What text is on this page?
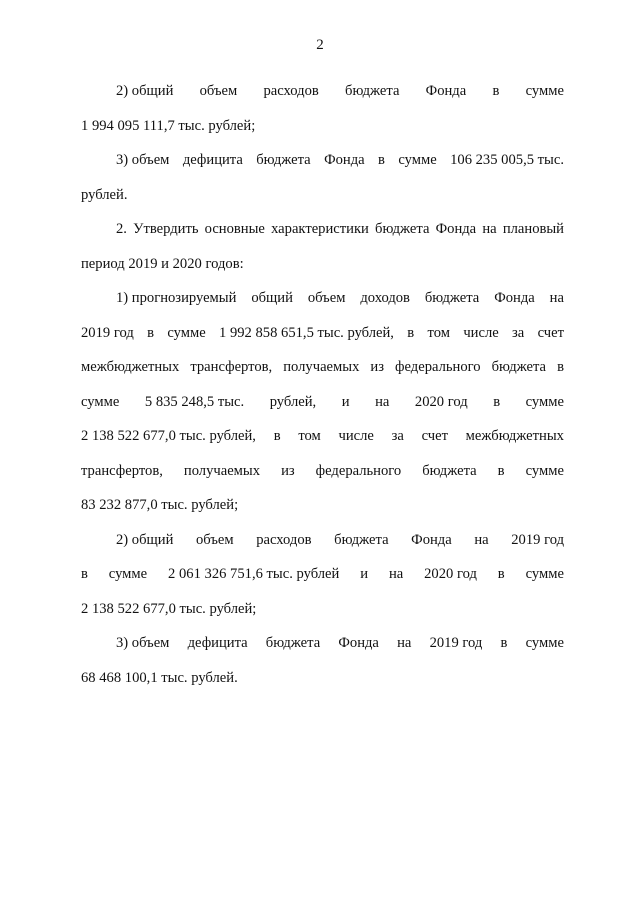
2
2) общий объем расходов бюджета Фонда в сумме
1 994 095 111,7 тыс. рублей;
3) объем дефицита бюджета Фонда в сумме 106 235 005,5 тыс.
рублей.
2. Утвердить основные характеристики бюджета Фонда на плановый
период 2019 и 2020 годов:
1) прогнозируемый общий объем доходов бюджета Фонда на
2019 год в сумме 1 992 858 651,5 тыс. рублей, в том числе за счет
межбюджетных трансфертов, получаемых из федерального бюджета в
сумме 5 835 248,5 тыс. рублей, и на 2020 год в сумме
2 138 522 677,0 тыс. рублей, в том числе за счет межбюджетных
трансфертов, получаемых из федерального бюджета в сумме
83 232 877,0 тыс. рублей;
2) общий объем расходов бюджета Фонда на 2019 год
в сумме 2 061 326 751,6 тыс. рублей и на 2020 год в сумме
2 138 522 677,0 тыс. рублей;
3) объем дефицита бюджета Фонда на 2019 год в сумме
68 468 100,1 тыс. рублей.
